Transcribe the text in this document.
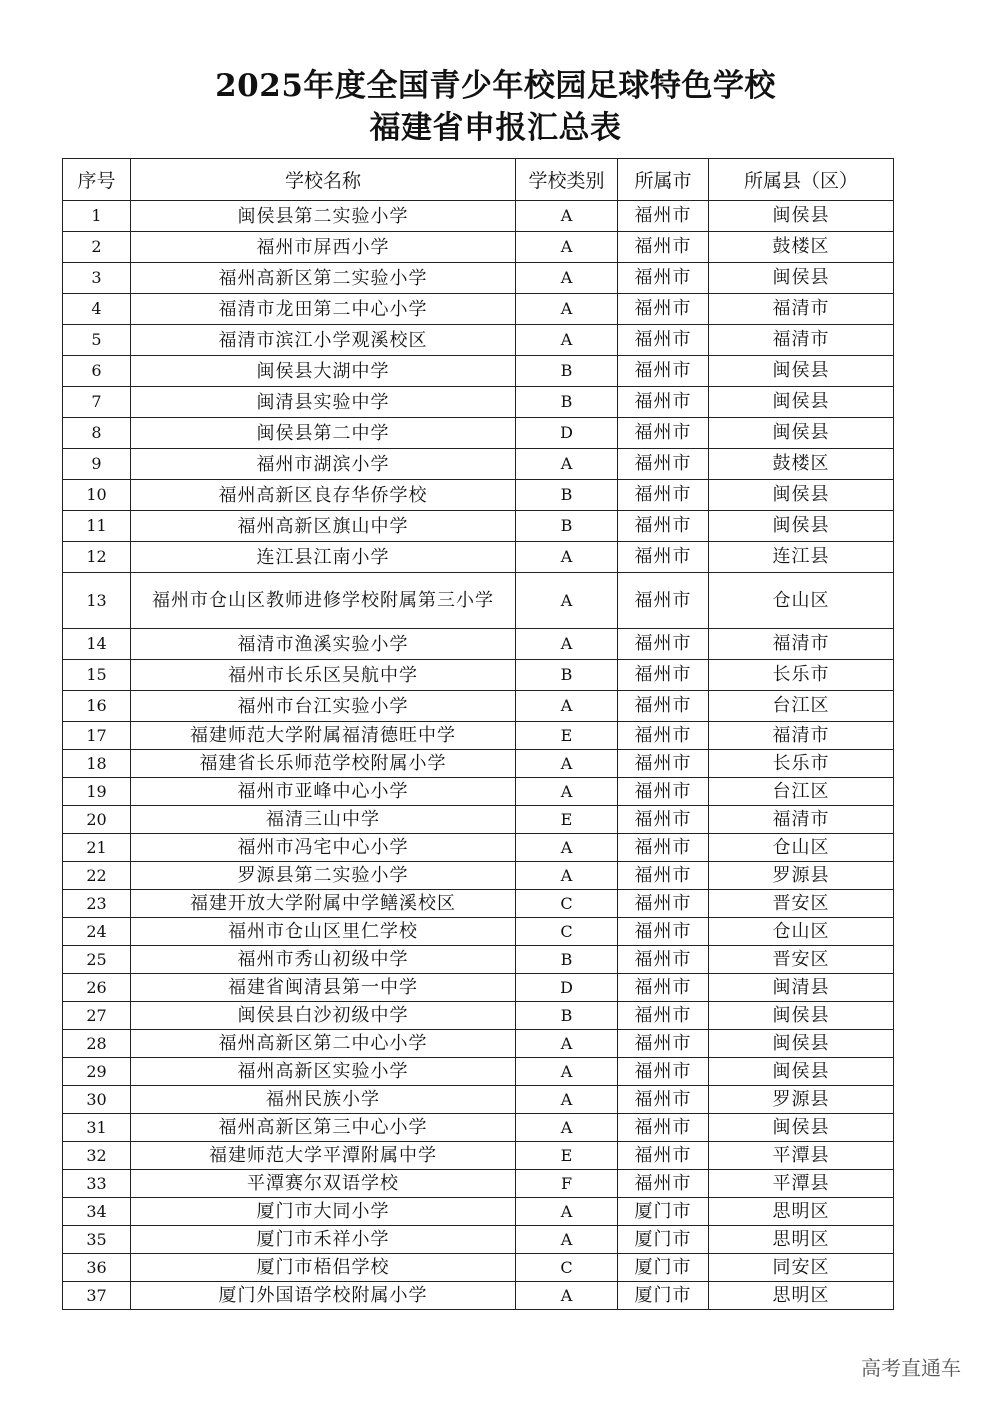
2025年度全国青少年校园足球特色学校
福建省申报汇总表
序号	学校名称	学校类别	所属市	所属县（区）
1	闽侯县第二实验小学	A	福州市	闽侯县
2	福州市屏西小学	A	福州市	鼓楼区
3	福州高新区第二实验小学	A	福州市	闽侯县
4	福清市龙田第二中心小学	A	福州市	福清市
5	福清市滨江小学观溪校区	A	福州市	福清市
6	闽侯县大湖中学	B	福州市	闽侯县
7	闽清县实验中学	B	福州市	闽侯县
8	闽侯县第二中学	D	福州市	闽侯县
9	福州市湖滨小学	A	福州市	鼓楼区
10	福州高新区良存华侨学校	B	福州市	闽侯县
11	福州高新区旗山中学	B	福州市	闽侯县
12	连江县江南小学	A	福州市	连江县
13	福州市仓山区教师进修学校附属第三小学	A	福州市	仓山区
14	福清市渔溪实验小学	A	福州市	福清市
15	福州市长乐区吴航中学	B	福州市	长乐市
16	福州市台江实验小学	A	福州市	台江区
17	福建师范大学附属福清德旺中学	E	福州市	福清市
18	福建省长乐师范学校附属小学	A	福州市	长乐市
19	福州市亚峰中心小学	A	福州市	台江区
20	福清三山中学	E	福州市	福清市
21	福州市冯宅中心小学	A	福州市	仓山区
22	罗源县第二实验小学	A	福州市	罗源县
23	福建开放大学附属中学鳝溪校区	C	福州市	晋安区
24	福州市仓山区里仁学校	C	福州市	仓山区
25	福州市秀山初级中学	B	福州市	晋安区
26	福建省闽清县第一中学	D	福州市	闽清县
27	闽侯县白沙初级中学	B	福州市	闽侯县
28	福州高新区第二中心小学	A	福州市	闽侯县
29	福州高新区实验小学	A	福州市	闽侯县
30	福州民族小学	A	福州市	罗源县
31	福州高新区第三中心小学	A	福州市	闽侯县
32	福建师范大学平潭附属中学	E	福州市	平潭县
33	平潭赛尔双语学校	F	福州市	平潭县
34	厦门市大同小学	A	厦门市	思明区
35	厦门市禾祥小学	A	厦门市	思明区
36	厦门市梧侣学校	C	厦门市	同安区
37	厦门外国语学校附属小学	A	厦门市	思明区
高考直通车
